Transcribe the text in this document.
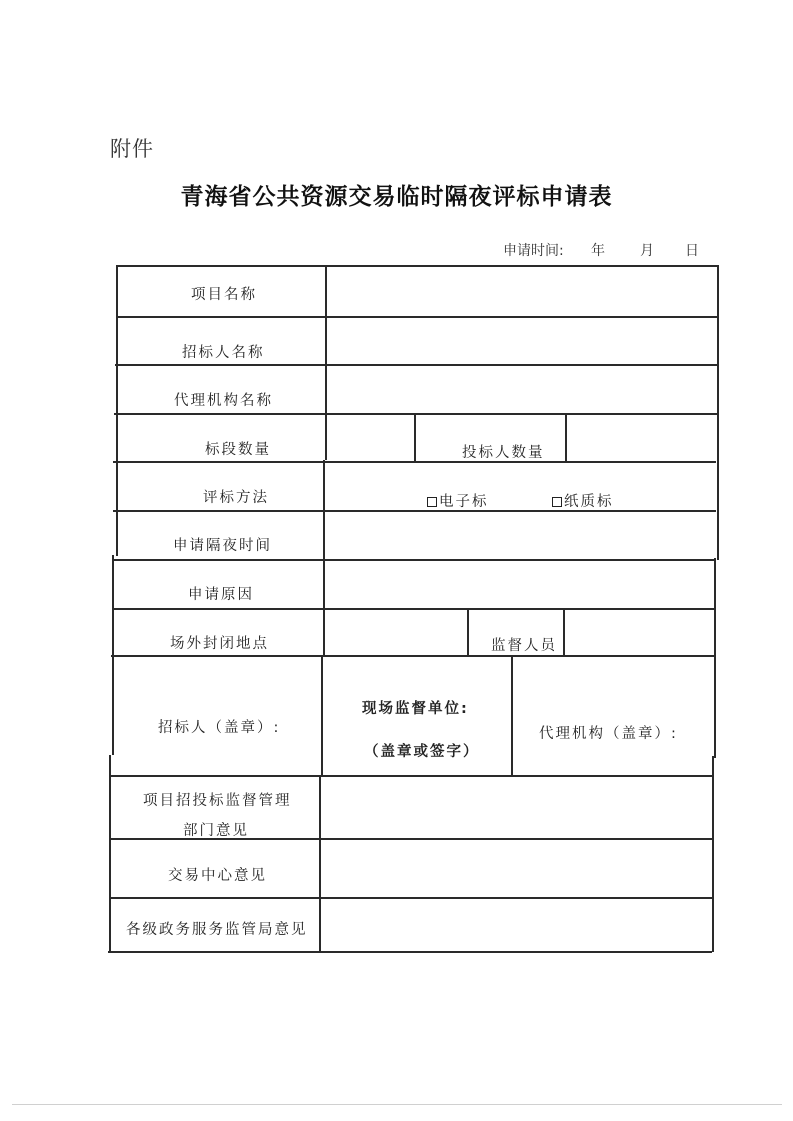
附件
青海省公共资源交易临时隔夜评标申请表
申请时间: 年	月 日
项目名称
招标人名称
代理机构名称
标段数量	投标人数量
评标方法	电子标	纸质标
申请隔夜时间
申请原因
场外封闭地点	监督人员
招标人（盖章）:
现场监督单位:
（盖章或签字）
代理机构（盖章）:
项目招投标监督管理
部门意见
交易中心意见
各级政务服务监管局意见
